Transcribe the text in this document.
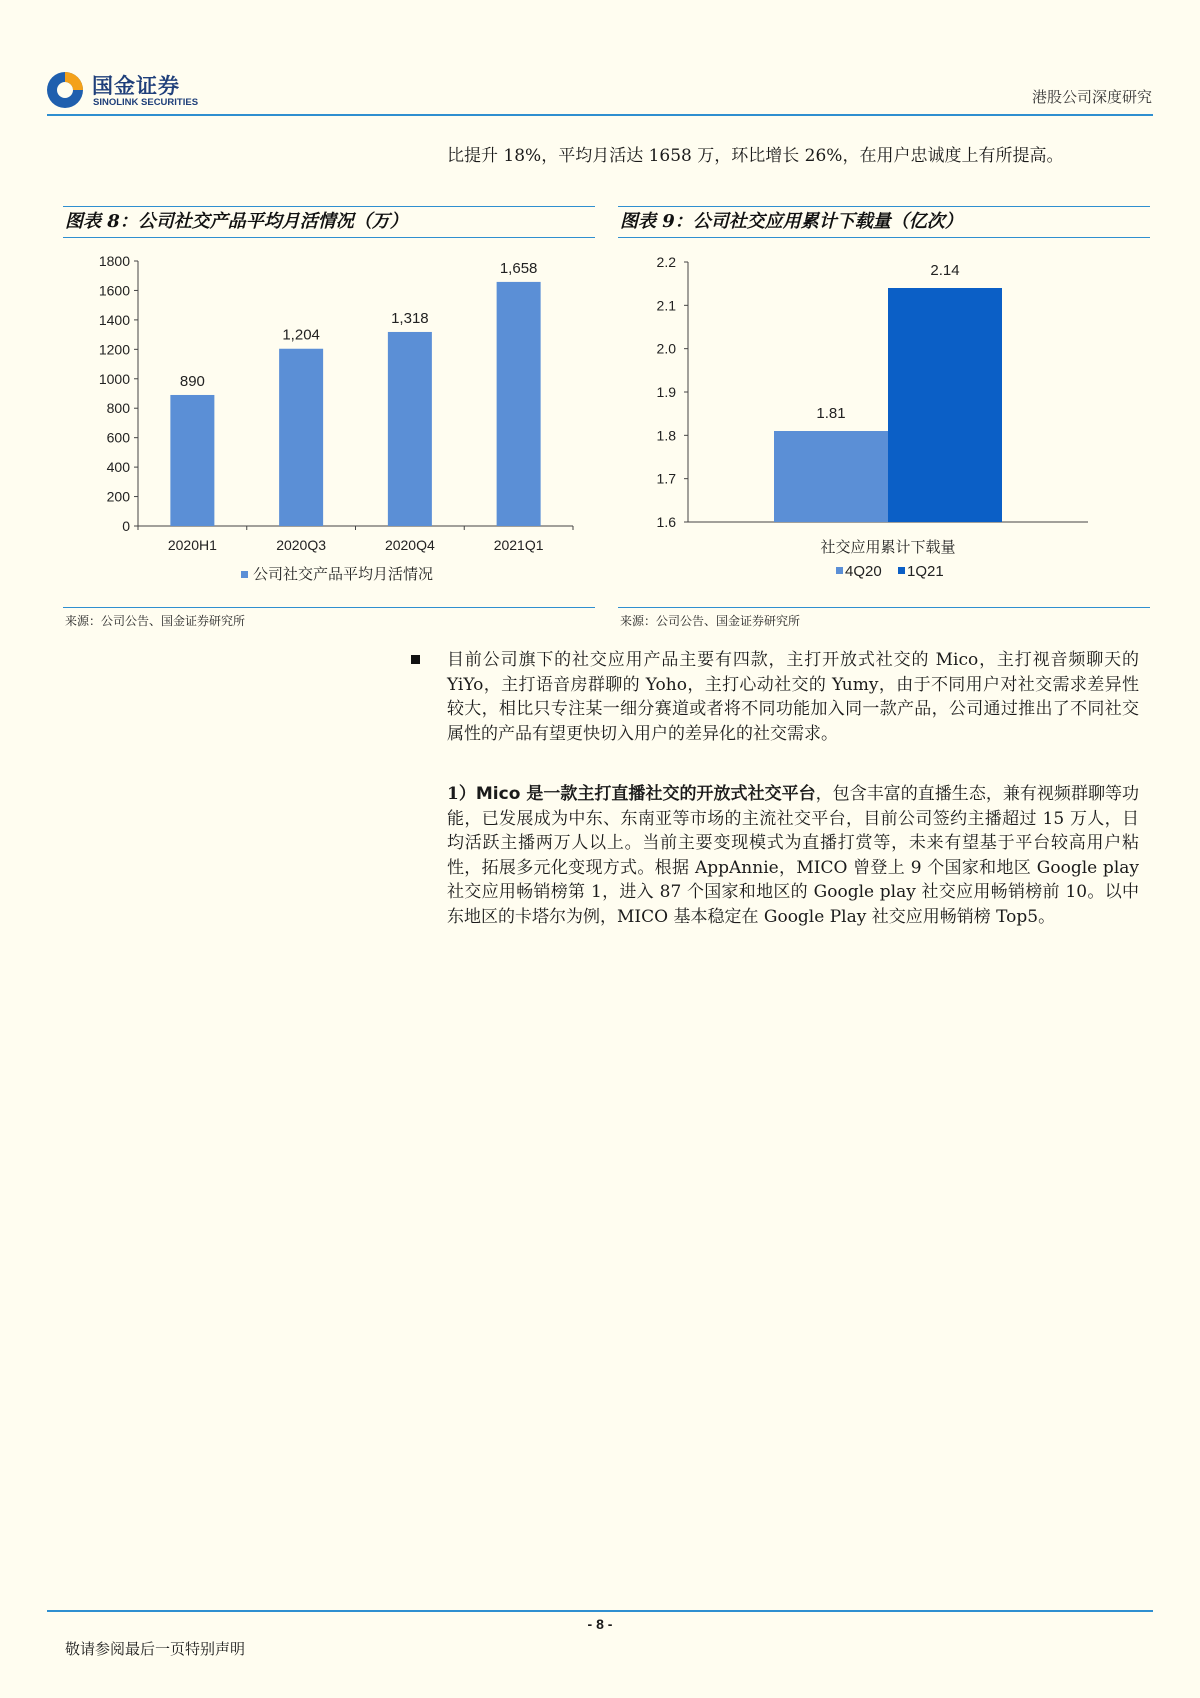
国金证券
SINOLINK SECURITIES	港股公司深度研究
比提升 18%，平均月活达 1658 万，环比增长 26%，在用户忠诚度上有所提高。
图表 8：公司社交产品平均月活情况（万）
0
200
400
600
800
1000
1200
1400
1600
1800
890
2020H1
1,204
2020Q3
1,318
2020Q4
1,658
2021Q1
公司社交产品平均月活情况
来源：公司公告、国金证券研究所
图表 9：公司社交应用累计下载量（亿次）
1.6
1.7
1.8
1.9
2.0
2.1
2.2
1.81
2.14
社交应用累计下载量
4Q20 1Q21
来源：公司公告、国金证券研究所
目前公司旗下的社交应用产品主要有四款，主打开放式社交的 Mico，主打视音频聊天的 YiYo，主打语音房群聊的 Yoho，主打心动社交的 Yumy，由于不同用户对社交需求差异性较大，相比只专注某一细分赛道或者将不同功能加入同一款产品，公司通过推出了不同社交属性的产品有望更快切入用户的差异化的社交需求。
1）Mico 是一款主打直播社交的开放式社交平台，包含丰富的直播生态，兼有视频群聊等功能，已发展成为中东、东南亚等市场的主流社交平台，目前公司签约主播超过 15 万人，日均活跃主播两万人以上。当前主要变现模式为直播打赏等，未来有望基于平台较高用户粘性，拓展多元化变现方式。根据 AppAnnie，MICO 曾登上 9 个国家和地区 Google play 社交应用畅销榜第 1，进入 87 个国家和地区的 Google play 社交应用畅销榜前 10。以中东地区的卡塔尔为例，MICO 基本稳定在 Google Play 社交应用畅销榜 Top5。
- 8 -
敬请参阅最后一页特别声明
